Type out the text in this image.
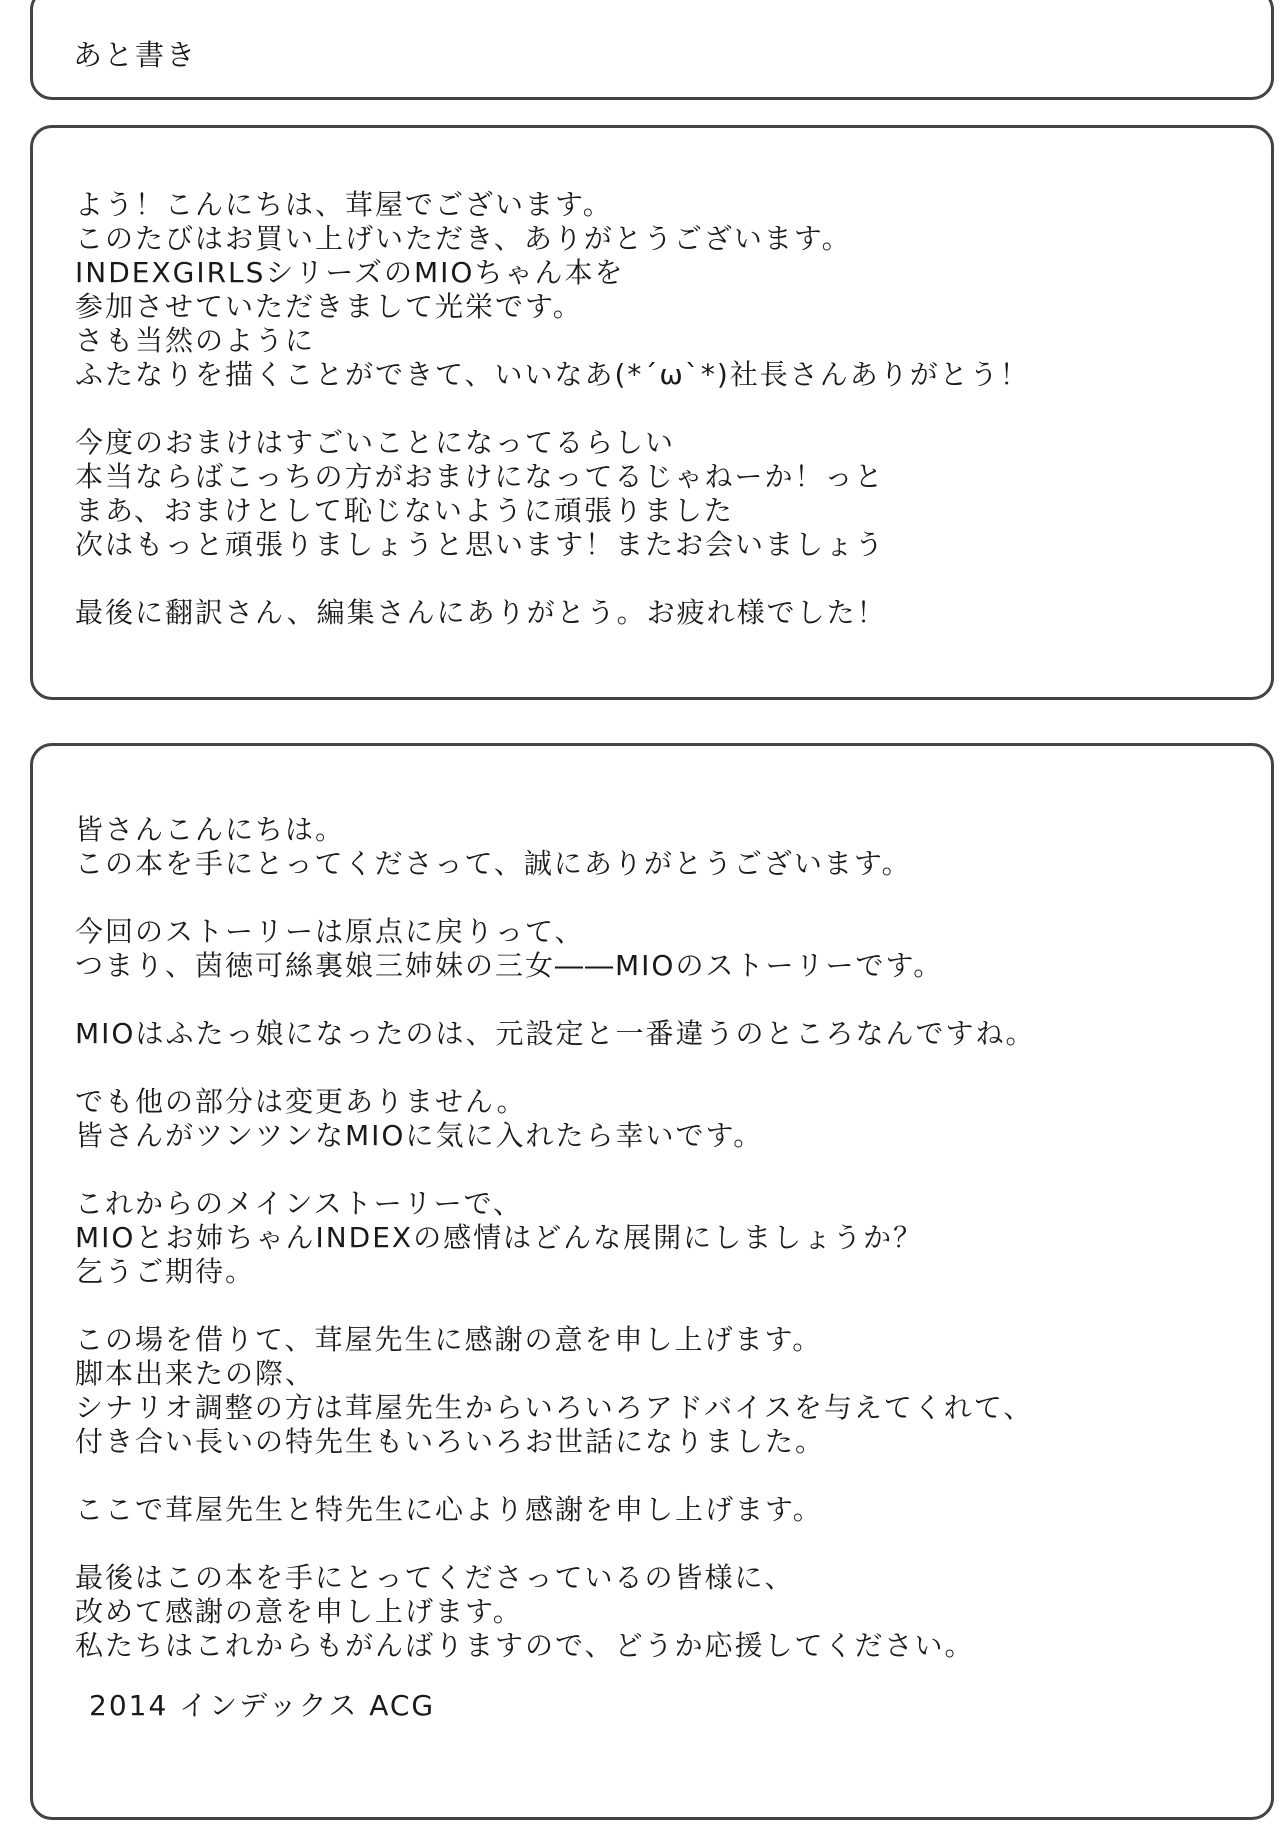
あと書き
よう！こんにちは、茸屋でございます。
このたびはお買い上げいただき、ありがとうございます。
INDEXGIRLSシリーズのMIOちゃん本を
参加させていただきまして光栄です。
さも当然のように
ふたなりを描くことができて、いいなあ(*´ω`*)社長さんありがとう！
今度のおまけはすごいことになってるらしい
本当ならばこっちの方がおまけになってるじゃねーか！っと
まあ、おまけとして恥じないように頑張りました
次はもっと頑張りましょうと思います！またお会いましょう
最後に翻訳さん、編集さんにありがとう。お疲れ様でした！
皆さんこんにちは。
この本を手にとってくださって、誠にありがとうございます。
今回のストーリーは原点に戻りって、
つまり、茵徳可絲裏娘三姉妹の三女――MIOのストーリーです。
MIOはふたっ娘になったのは、元設定と一番違うのところなんですね。
でも他の部分は変更ありません。
皆さんがツンツンなMIOに気に入れたら幸いです。
これからのメインストーリーで、
MIOとお姉ちゃんINDEXの感情はどんな展開にしましょうか？
乞うご期待。
この場を借りて、茸屋先生に感謝の意を申し上げます。
脚本出来たの際、
シナリオ調整の方は茸屋先生からいろいろアドバイスを与えてくれて、
付き合い長いの特先生もいろいろお世話になりました。
ここで茸屋先生と特先生に心より感謝を申し上げます。
最後はこの本を手にとってくださっているの皆様に、
改めて感謝の意を申し上げます。
私たちはこれからもがんばりますので、どうか応援してください。
2014 インデックス ACG
